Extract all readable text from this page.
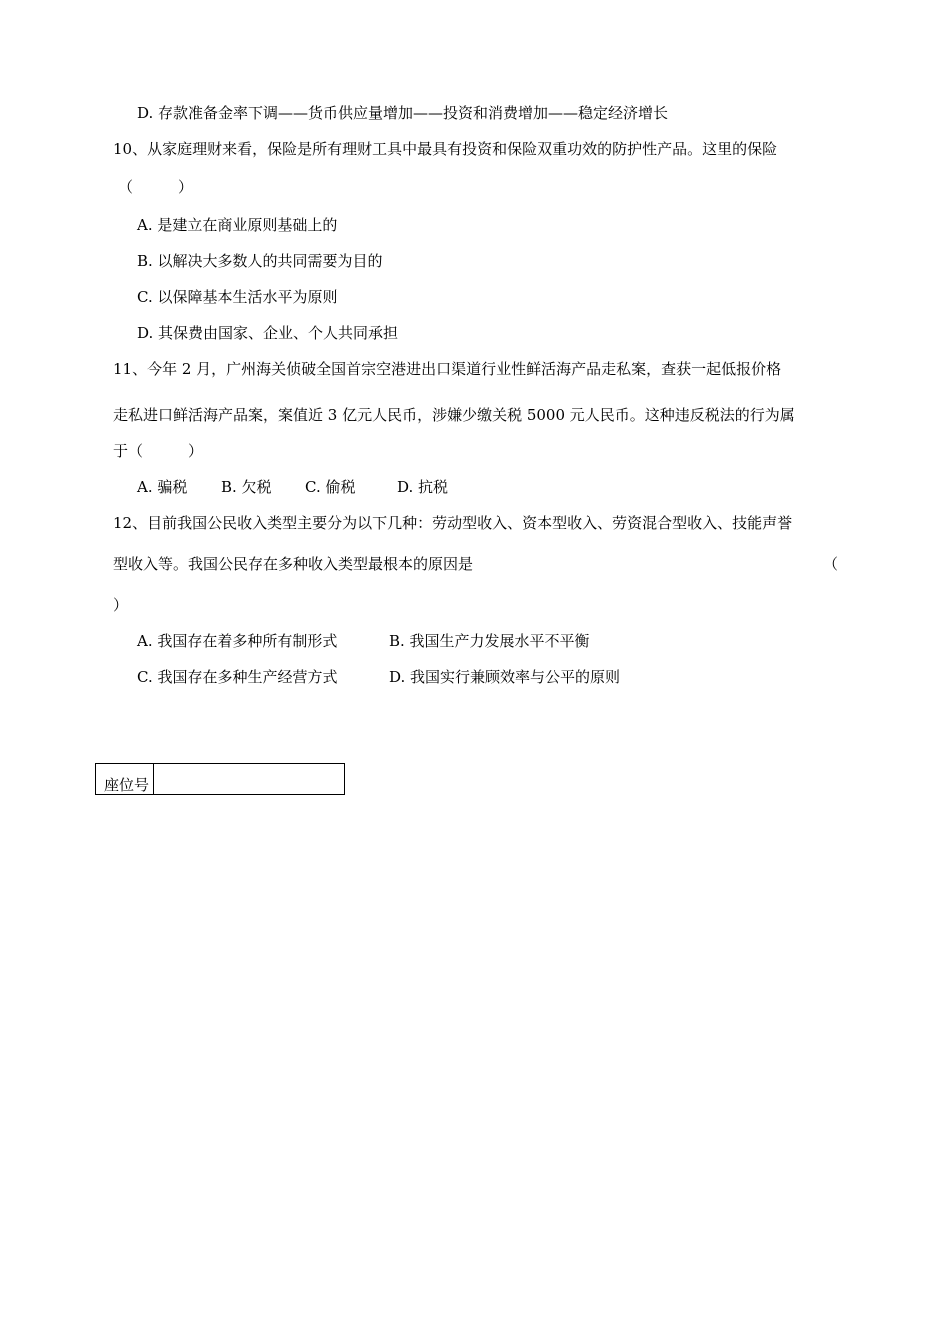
D. 存款准备金率下调——货币供应量增加——投资和消费增加——稳定经济增长
10、从家庭理财来看，保险是所有理财工具中最具有投资和保险双重功效的防护性产品。这里的保险
（　　　）
A. 是建立在商业原则基础上的
B. 以解决大多数人的共同需要为目的
C. 以保障基本生活水平为原则
D. 其保费由国家、企业、个人共同承担
11、今年 2 月，广州海关侦破全国首宗空港进出口渠道行业性鲜活海产品走私案，查获一起低报价格
走私进口鲜活海产品案，案值近 3 亿元人民币，涉嫌少缴关税 5000 元人民币。这种违反税法的行为属
于（　　　）
A. 骗税 B. 欠税 C. 偷税	D. 抗税
12、目前我国公民收入类型主要分为以下几种：劳动型收入、资本型收入、劳资混合型收入、技能声誉
型收入等。我国公民存在多种收入类型最根本的原因是	（
）
A. 我国存在着多种所有制形式	B. 我国生产力发展水平不平衡
C. 我国存在多种生产经营方式	D. 我国实行兼顾效率与公平的原则
座位号
